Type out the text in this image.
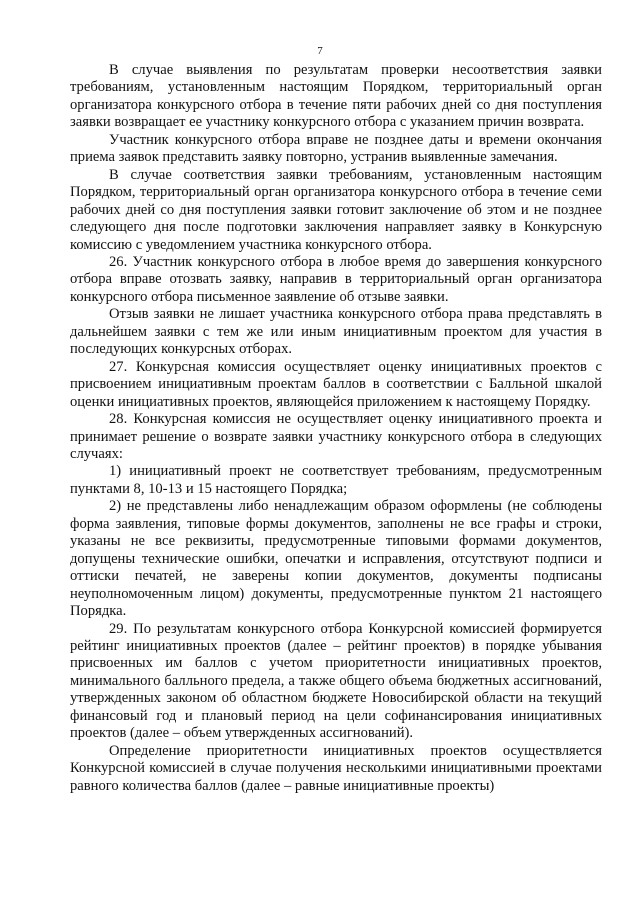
7

В случае выявления по результатам проверки несоответствия заявки требованиям, установленным настоящим Порядком, территориальный орган организатора конкурсного отбора в течение пяти рабочих дней со дня поступления заявки возвращает ее участнику конкурсного отбора с указанием причин возврата.

Участник конкурсного отбора вправе не позднее даты и времени окончания приема заявок представить заявку повторно, устранив выявленные замечания.

В случае соответствия заявки требованиям, установленным настоящим Порядком, территориальный орган организатора конкурсного отбора в течение семи рабочих дней со дня поступления заявки готовит заключение об этом и не позднее следующего дня после подготовки заключения направляет заявку в Конкурсную комиссию с уведомлением участника конкурсного отбора.

26. Участник конкурсного отбора в любое время до завершения конкурсного отбора вправе отозвать заявку, направив в территориальный орган организатора конкурсного отбора письменное заявление об отзыве заявки.

Отзыв заявки не лишает участника конкурсного отбора права представлять в дальнейшем заявки с тем же или иным инициативным проектом для участия в последующих конкурсных отборах.

27. Конкурсная комиссия осуществляет оценку инициативных проектов с присвоением инициативным проектам баллов в соответствии с Балльной шкалой оценки инициативных проектов, являющейся приложением к настоящему Порядку.

28. Конкурсная комиссия не осуществляет оценку инициативного проекта и принимает решение о возврате заявки участнику конкурсного отбора в следующих случаях:

1) инициативный проект не соответствует требованиям, предусмотренным пунктами 8, 10-13 и 15 настоящего Порядка;

2) не представлены либо ненадлежащим образом оформлены (не соблюдены форма заявления, типовые формы документов, заполнены не все графы и строки, указаны не все реквизиты, предусмотренные типовыми формами документов, допущены технические ошибки, опечатки и исправления, отсутствуют подписи и оттиски печатей, не заверены копии документов, документы подписаны неуполномоченным лицом) документы, предусмотренные пунктом 21 настоящего Порядка.

29. По результатам конкурсного отбора Конкурсной комиссией формируется рейтинг инициативных проектов (далее – рейтинг проектов) в порядке убывания присвоенных им баллов с учетом приоритетности инициативных проектов, минимального балльного предела, а также общего объема бюджетных ассигнований, утвержденных законом об областном бюджете Новосибирской области на текущий финансовый год и плановый период на цели софинансирования инициативных проектов (далее – объем утвержденных ассигнований).

Определение приоритетности инициативных проектов осуществляется Конкурсной комиссией в случае получения несколькими инициативными проектами равного количества баллов (далее – равные инициативные проекты)
